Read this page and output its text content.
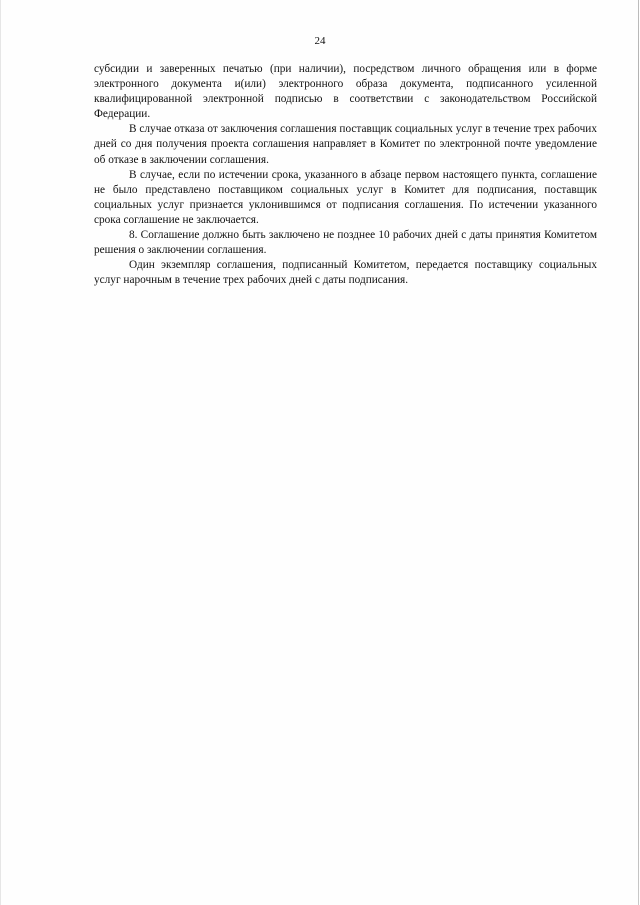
24

субсидии и заверенных печатью (при наличии), посредством личного обращения или в форме электронного документа и(или) электронного образа документа, подписанного усиленной квалифицированной электронной подписью в соответствии с законодательством Российской Федерации.

В случае отказа от заключения соглашения поставщик социальных услуг в течение трех рабочих дней со дня получения проекта соглашения направляет в Комитет по электронной почте уведомление об отказе в заключении соглашения.

В случае, если по истечении срока, указанного в абзаце первом настоящего пункта, соглашение не было представлено поставщиком социальных услуг в Комитет для подписания, поставщик социальных услуг признается уклонившимся от подписания соглашения. По истечении указанного срока соглашение не заключается.

8. Соглашение должно быть заключено не позднее 10 рабочих дней с даты принятия Комитетом решения о заключении соглашения.

Один экземпляр соглашения, подписанный Комитетом, передается поставщику социальных услуг нарочным в течение трех рабочих дней с даты подписания.
